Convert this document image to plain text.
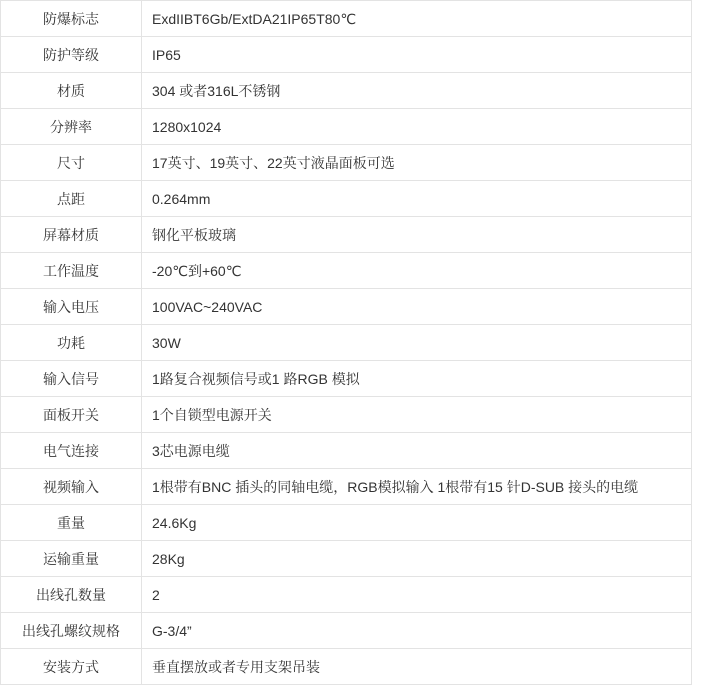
防爆标志	ExdIIBT6Gb/ExtDA21IP65T80℃
防护等级	IP65
材质	304 或者316L不锈钢
分辨率	1280x1024
尺寸	17英寸、19英寸、22英寸液晶面板可选
点距	0.264mm
屏幕材质	钢化平板玻璃
工作温度	-20℃到+60℃
输入电压	100VAC~240VAC
功耗	30W
输入信号	1路复合视频信号或1 路RGB 模拟
面板开关	1个自锁型电源开关
电气连接	3芯电源电缆
视频输入	1根带有BNC 插头的同轴电缆，RGB模拟输入 1根带有15 针D-SUB 接头的电缆
重量	24.6Kg
运输重量	28Kg
出线孔数量	2
出线孔螺纹规格	G-3/4”
安装方式	垂直摆放或者专用支架吊装
